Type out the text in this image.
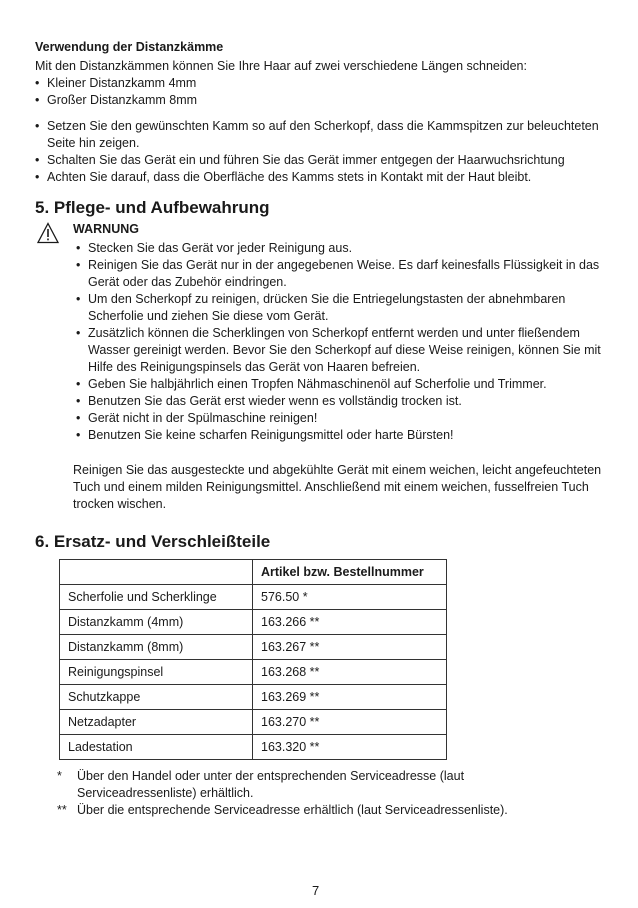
Verwendung der Distanzkämme
Mit den Distanzkämmen können Sie Ihre Haar auf zwei verschiedene Längen schneiden:
• Kleiner Distanzkamm 4mm
• Großer Distanzkamm 8mm
• Setzen Sie den gewünschten Kamm so auf den Scherkopf, dass die Kammspitzen zur beleuchteten Seite hin zeigen.
• Schalten Sie das Gerät ein und führen Sie das Gerät immer entgegen der Haarwuchsrichtung
• Achten Sie darauf, dass die Oberfläche des Kamms stets in Kontakt mit der Haut bleibt.
5. Pflege- und Aufbewahrung
WARNUNG
• Stecken Sie das Gerät vor jeder Reinigung aus.
• Reinigen Sie das Gerät nur in der angegebenen Weise. Es darf keinesfalls Flüssigkeit in das Gerät oder das Zubehör eindringen.
• Um den Scherkopf zu reinigen, drücken Sie die Entriegelungstasten der abnehmbaren Scherfolie und ziehen Sie diese vom Gerät.
• Zusätzlich können die Scherklingen von Scherkopf entfernt werden und unter fließendem Wasser gereinigt werden. Bevor Sie den Scherkopf auf diese Weise reinigen, können Sie mit Hilfe des Reinigungspinsels das Gerät von Haaren befreien.
• Geben Sie halbjährlich einen Tropfen Nähmaschinenöl auf Scherfolie und Trimmer.
• Benutzen Sie das Gerät erst wieder wenn es vollständig trocken ist.
• Gerät nicht in der Spülmaschine reinigen!
• Benutzen Sie keine scharfen Reinigungsmittel oder harte Bürsten!
Reinigen Sie das ausgesteckte und abgekühlte Gerät mit einem weichen, leicht angefeuchteten Tuch und einem milden Reinigungsmittel. Anschließend mit einem weichen, fusselfreien Tuch trocken wischen.
6. Ersatz- und Verschleißteile
	Artikel bzw. Bestellnummer
Scherfolie und Scherklinge	576.50 *
Distanzkamm (4mm)	163.266 **
Distanzkamm (8mm)	163.267 **
Reinigungspinsel	163.268 **
Schutzkappe	163.269 **
Netzadapter	163.270 **
Ladestation	163.320 **
* Über den Handel oder unter der entsprechenden Serviceadresse (laut Serviceadressenliste) erhältlich.
** Über die entsprechende Serviceadresse erhältlich (laut Serviceadressenliste).
7
